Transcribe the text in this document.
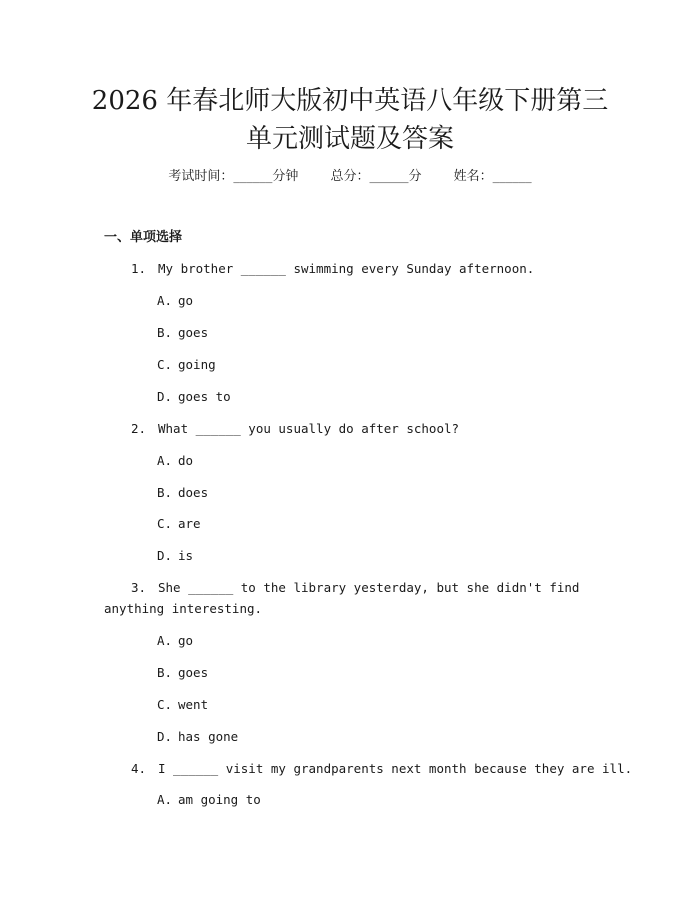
2026 年春北师大版初中英语八年级下册第三
单元测试题及答案
考试时间：______分钟 总分：______分 姓名：______
一、单项选择
1. My brother ______ swimming every Sunday afternoon.
A. go
B. goes
C. going
D. goes to
2. What ______ you usually do after school?
A. do
B. does
C. are
D. is
3. She ______ to the library yesterday, but she didn't find
anything interesting.
A. go
B. goes
C. went
D. has gone
4. I ______ visit my grandparents next month because they are ill.
A. am going to
